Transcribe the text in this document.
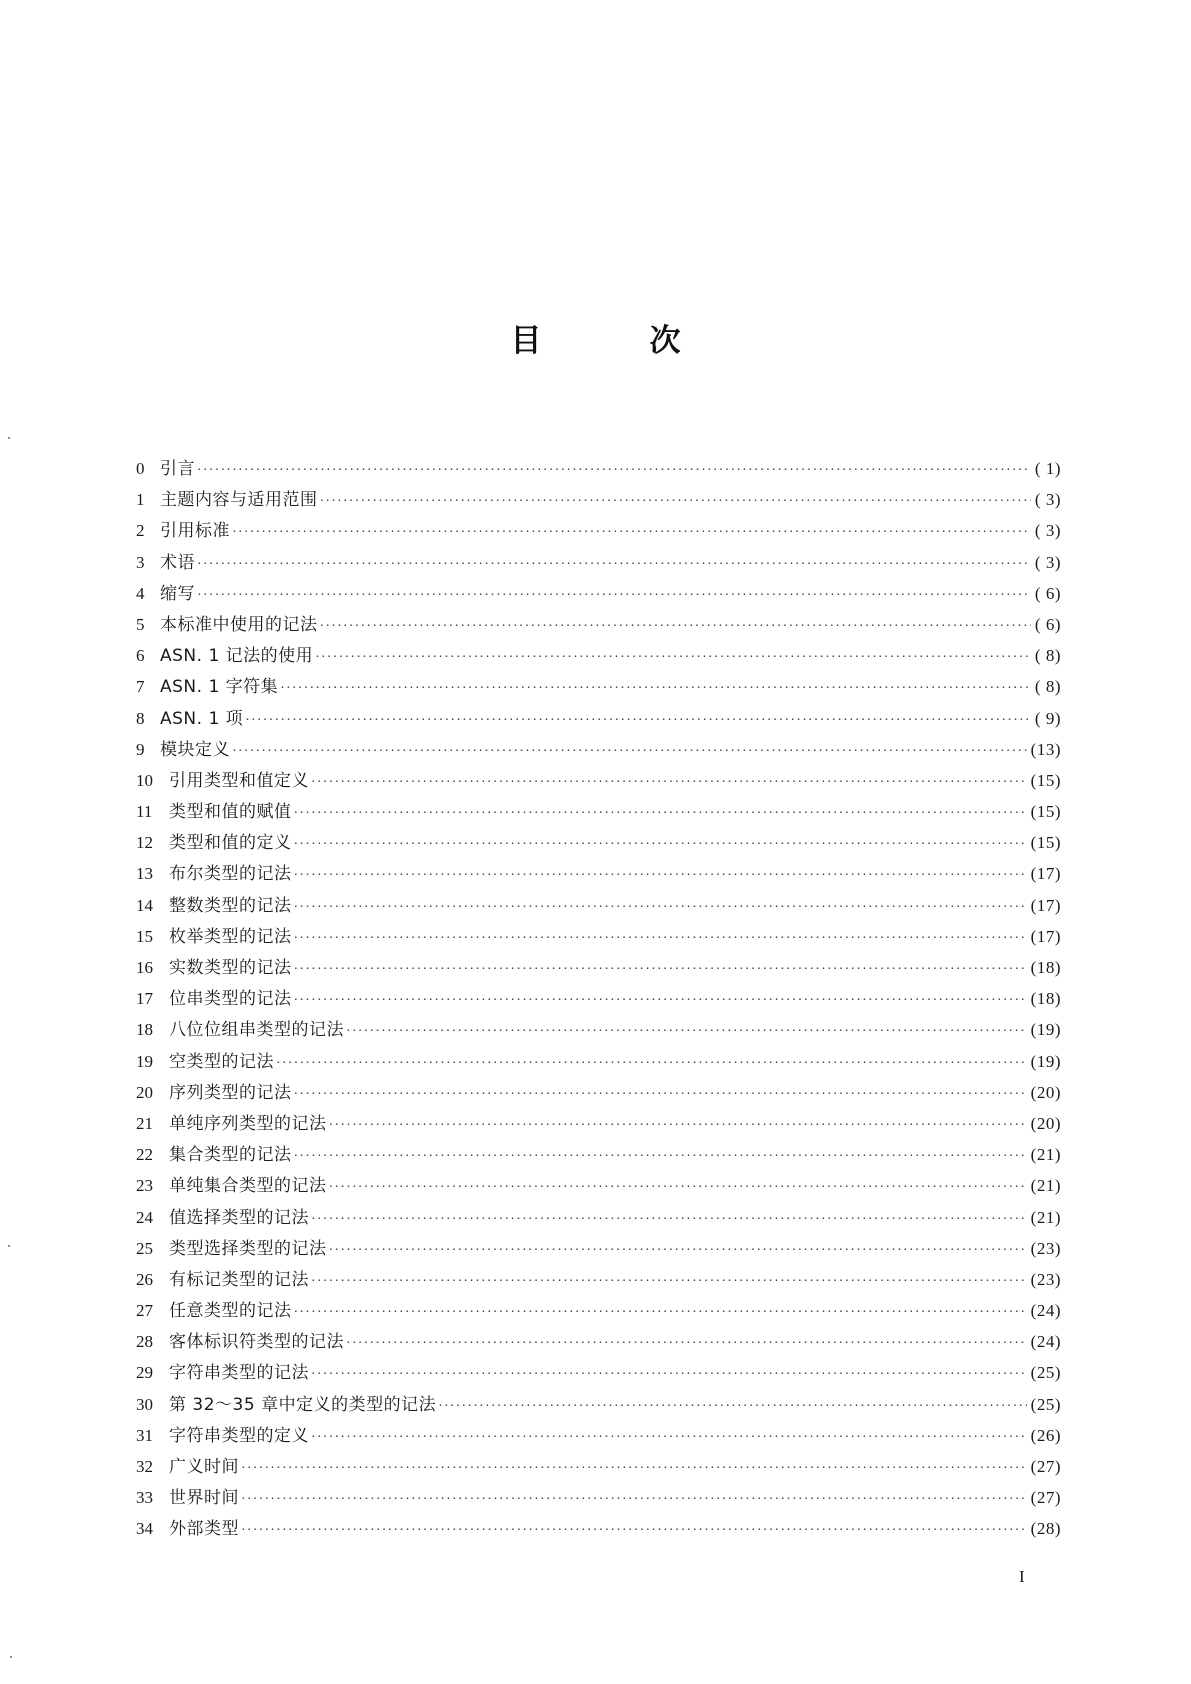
目	次
0 引言 ·····	( 1)
1 主题内容与适用范围 ·····	( 3)
2 引用标准 ·····	( 3)
3 术语 ·····	( 3)
4 缩写 ·····	( 6)
5 本标准中使用的记法 ·····	( 6)
6 ASN. 1 记法的使用 ·····	( 8)
7 ASN. 1 字符集 ·····	( 8)
8 ASN. 1 项 ·····	( 9)
9 模块定义 ·····	(13)
10 引用类型和值定义 ·····	(15)
11 类型和值的赋值 ·····	(15)
12 类型和值的定义 ·····	(15)
13 布尔类型的记法 ·····	(17)
14 整数类型的记法 ·····	(17)
15 枚举类型的记法 ·····	(17)
16 实数类型的记法 ·····	(18)
17 位串类型的记法 ·····	(18)
18 八位位组串类型的记法 ·····	(19)
19 空类型的记法 ·····	(19)
20 序列类型的记法 ·····	(20)
21 单纯序列类型的记法 ·····	(20)
22 集合类型的记法 ·····	(21)
23 单纯集合类型的记法 ·····	(21)
24 值选择类型的记法 ·····	(21)
25 类型选择类型的记法 ·····	(23)
26 有标记类型的记法 ·····	(23)
27 任意类型的记法 ·····	(24)
28 客体标识符类型的记法 ·····	(24)
29 字符串类型的记法 ·····	(25)
30 第 32～35 章中定义的类型的记法 ·····	(25)
31 字符串类型的定义 ·····	(26)
32 广义时间 ·····	(27)
33 世界时间 ·····	(27)
34 外部类型 ·····	(28)

I
